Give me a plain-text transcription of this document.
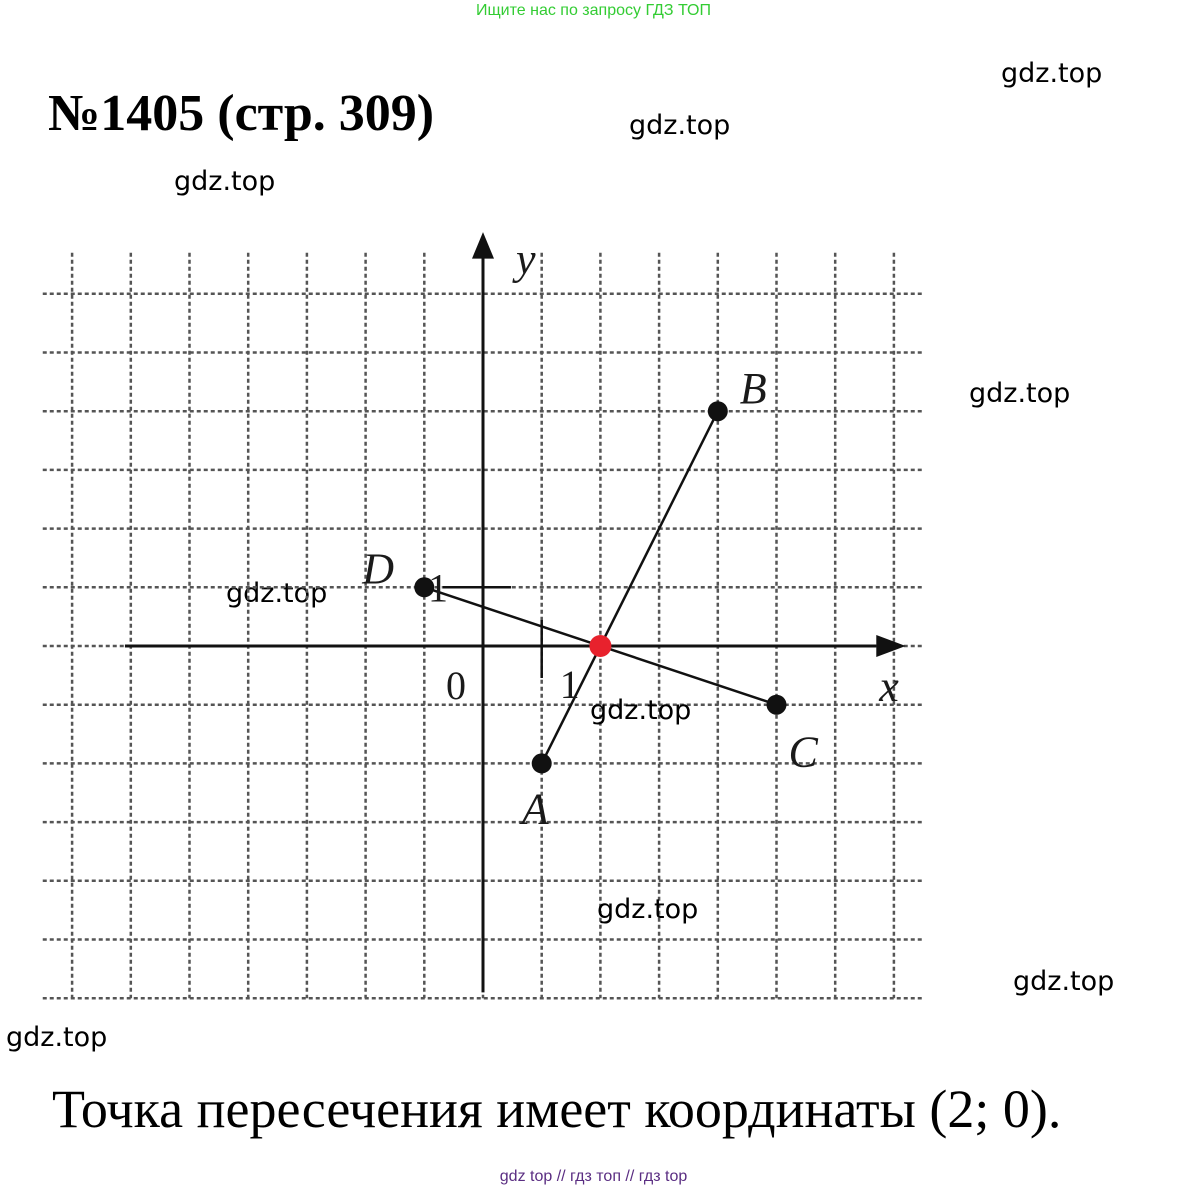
Ищите нас по запросу ГДЗ ТОП
№1405 (стр. 309)
gdz.top
gdz.top
gdz.top
gdz.top
gdz.top
A
B
C
D
x
y
0 1
1
gdz.top
gdz.top
gdz.top
gdz.top
Точка пересечения имеет координаты (2; 0).
gdz top // гдз топ // гдз top
